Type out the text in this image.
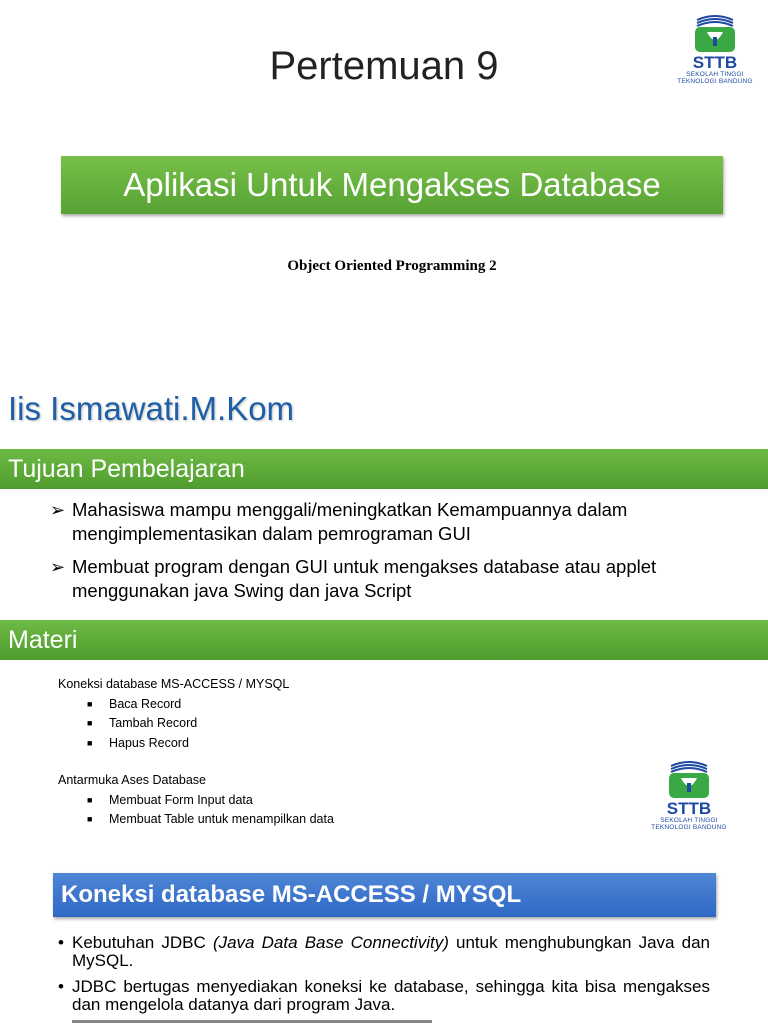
Pertemuan 9	STTB
SEKOLAH TINGGI
TEKNOLOGI BANDUNG
Aplikasi Untuk Mengakses Database
Object Oriented Programming 2
Iis Ismawati.M.Kom
Tujuan Pembelajaran
➢ Mahasiswa mampu menggali/meningkatkan Kemampuannya dalam mengimplementasikan dalam pemrograman GUI
➢ Membuat program dengan GUI untuk mengakses database atau applet menggunakan java Swing dan java Script
Materi
Koneksi database MS-ACCESS / MYSQL
■	Baca Record
■	Tambah Record
■	Hapus Record
Antarmuka Ases Database
■	Membuat Form Input data
■	Membuat Table untuk menampilkan data
STTB
SEKOLAH TINGGI
TEKNOLOGI BANDUNG
Koneksi database MS-ACCESS / MYSQL
• Kebutuhan JDBC (Java Data Base Connectivity) untuk menghubungkan Java dan MySQL.
• JDBC bertugas menyediakan koneksi ke database, sehingga kita bisa mengakses dan mengelola datanya dari program Java.
